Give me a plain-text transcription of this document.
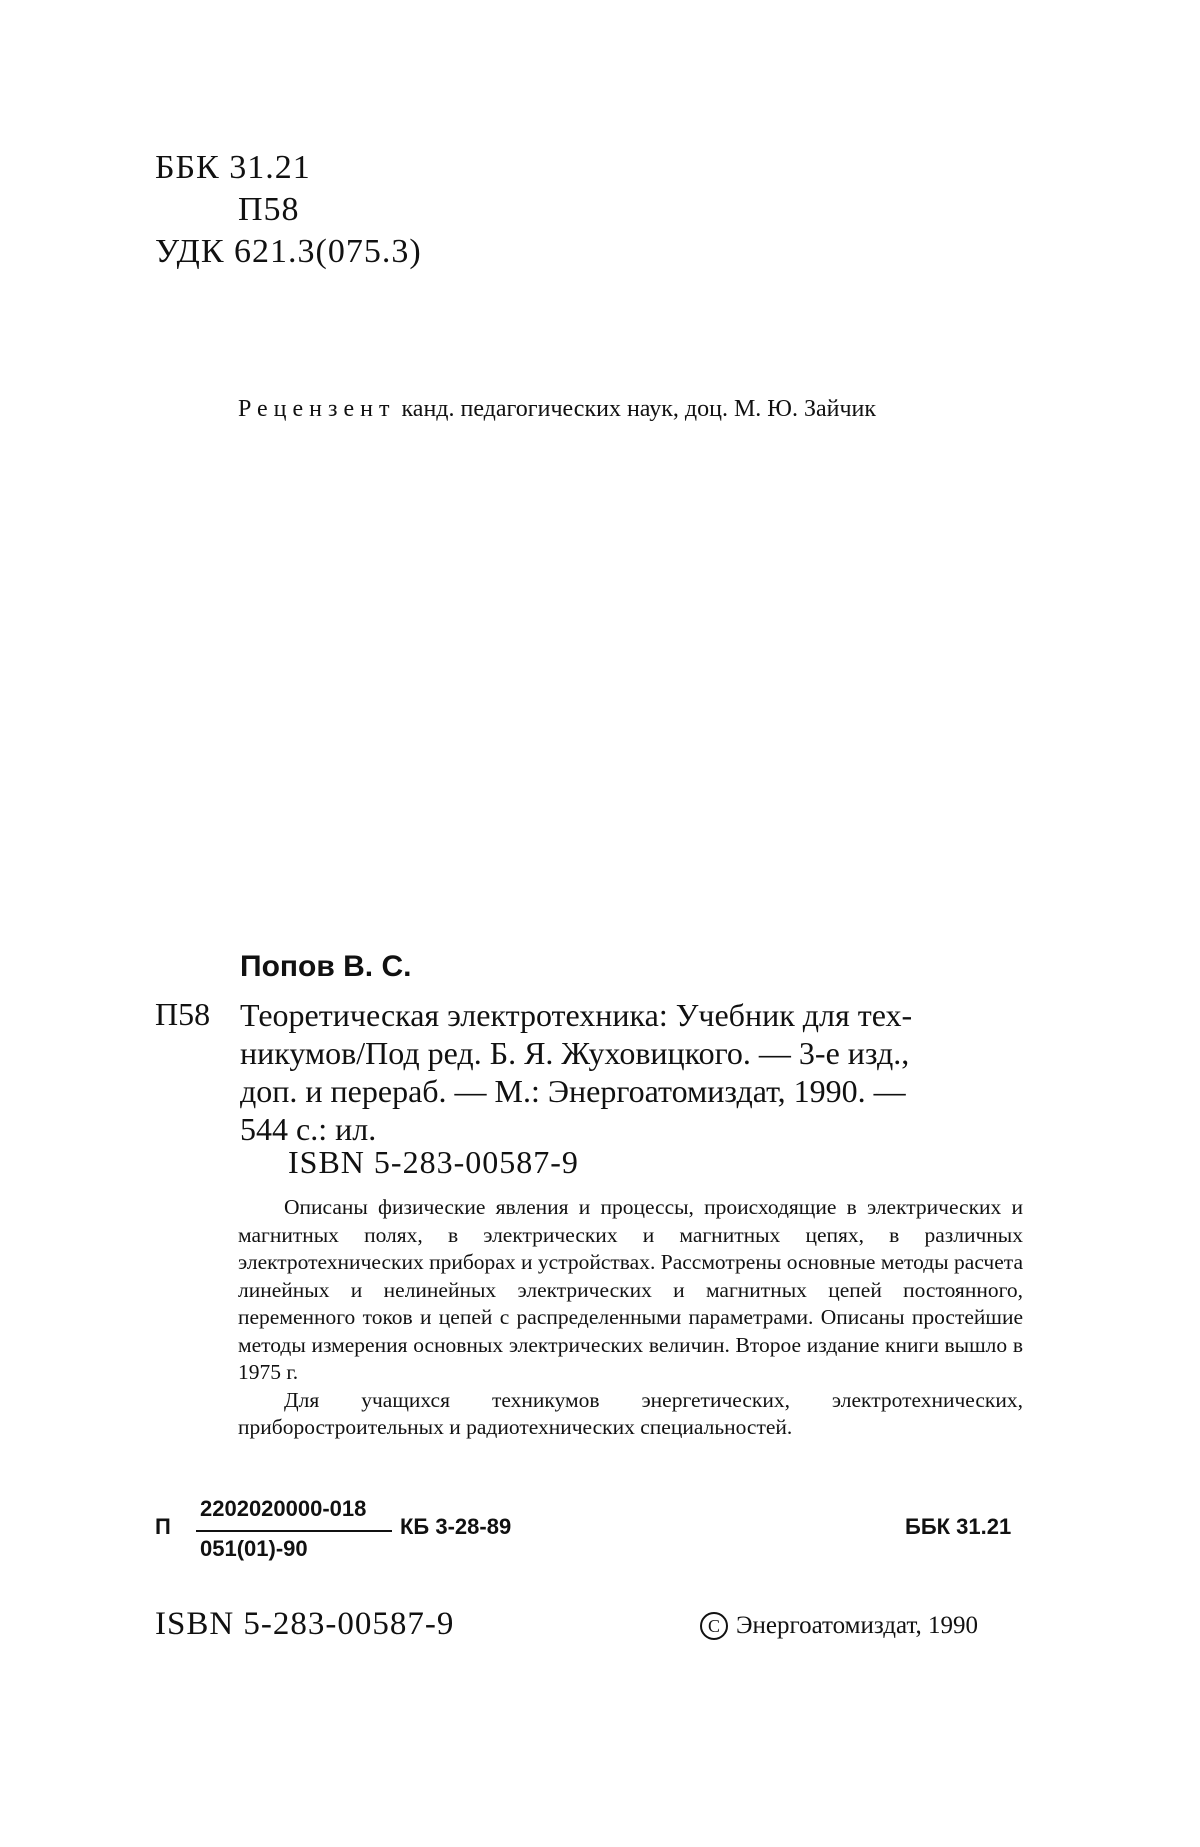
ББК 31.21
П58
УДК 621.3(075.3)
Рецензент канд. педагогических наук, доц. М. Ю. Зайчик
Попов В. С.
П58 Теоретическая электротехника: Учебник для тех-
никумов/Под ред. Б. Я. Жуховицкого. — 3-е изд.,
доп. и перераб. — М.: Энергоатомиздат, 1990. —
544 с.: ил.
ISBN 5-283-00587-9

Описаны физические явления и процессы, происходящие в электрических и магнитных полях, в электрических и магнитных цепях, в различных электротехнических приборах и устройствах. Рассмотрены основные методы расчета линейных и нелинейных электрических и магнитных цепей постоянного, переменного токов и цепей с распределенными параметрами. Описаны простейшие методы измерения основных электрических величин. Второе издание книги вышло в 1975 г.

Для учащихся техникумов энергетических, электротехнических, приборостроительных и радиотехнических специальностей.

П
2202020000-018
051(01)-90
КБ 3-28-89	ББК 31.21
ISBN 5-283-00587-9	C Энергоатомиздат, 1990
